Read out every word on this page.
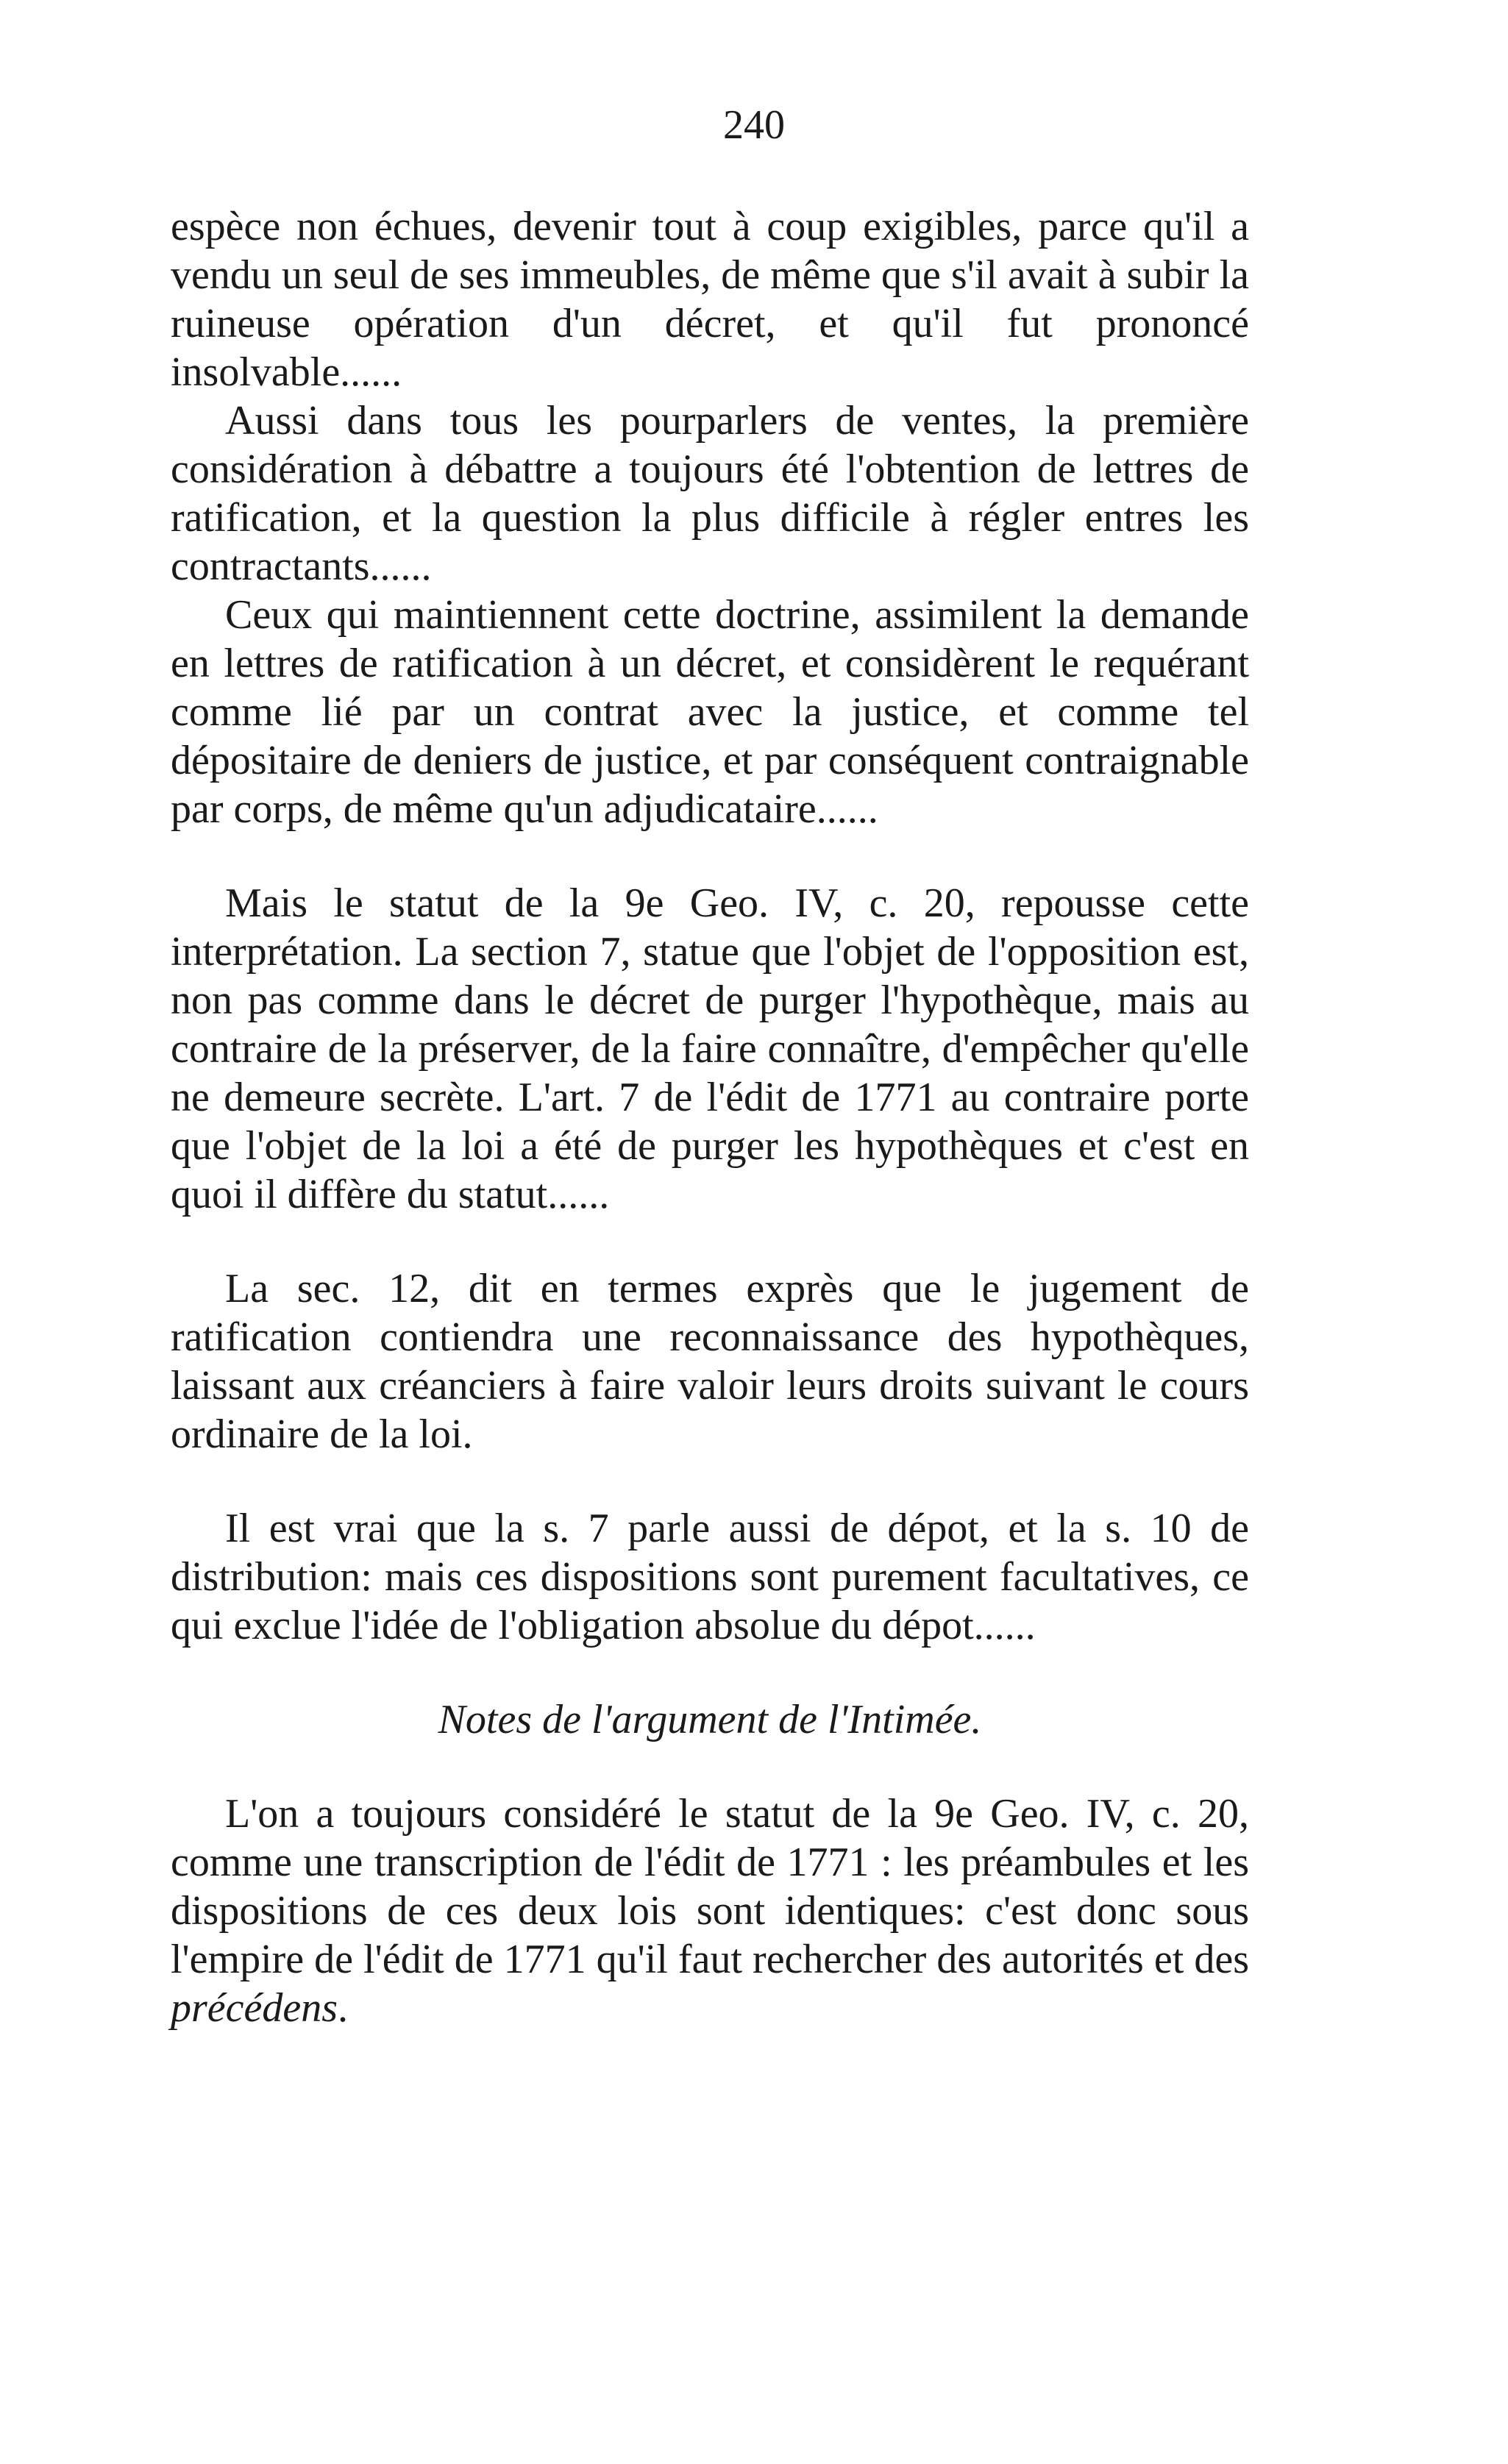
240

espèce non échues, devenir tout à coup exigibles, parce qu'il a vendu un seul de ses immeubles, de même que s'il avait à subir la ruineuse opération d'un décret, et qu'il fut prononcé insolvable......

Aussi dans tous les pourparlers de ventes, la première considération à débattre a toujours été l'obtention de lettres de ratification, et la question la plus difficile à régler entres les contractants......

Ceux qui maintiennent cette doctrine, assimilent la demande en lettres de ratification à un décret, et considèrent le requérant comme lié par un contrat avec la justice, et comme tel dépositaire de deniers de justice, et par conséquent contraignable par corps, de même qu'un adjudicataire......

Mais le statut de la 9e Geo. IV, c. 20, repousse cette interprétation. La section 7, statue que l'objet de l'opposition est, non pas comme dans le décret de purger l'hypothèque, mais au contraire de la préserver, de la faire connaître, d'empêcher qu'elle ne demeure secrète. L'art. 7 de l'édit de 1771 au contraire porte que l'objet de la loi a été de purger les hypothèques et c'est en quoi il diffère du statut......

La sec. 12, dit en termes exprès que le jugement de ratification contiendra une reconnaissance des hypothèques, laissant aux créanciers à faire valoir leurs droits suivant le cours ordinaire de la loi.

Il est vrai que la s. 7 parle aussi de dépot, et la s. 10 de distribution: mais ces dispositions sont purement facultatives, ce qui exclue l'idée de l'obligation absolue du dépot......

Notes de l'argument de l'Intimée.

L'on a toujours considéré le statut de la 9e Geo. IV, c. 20, comme une transcription de l'édit de 1771 : les préambules et les dispositions de ces deux lois sont identiques: c'est donc sous l'empire de l'édit de 1771 qu'il faut rechercher des autorités et des précédens.
